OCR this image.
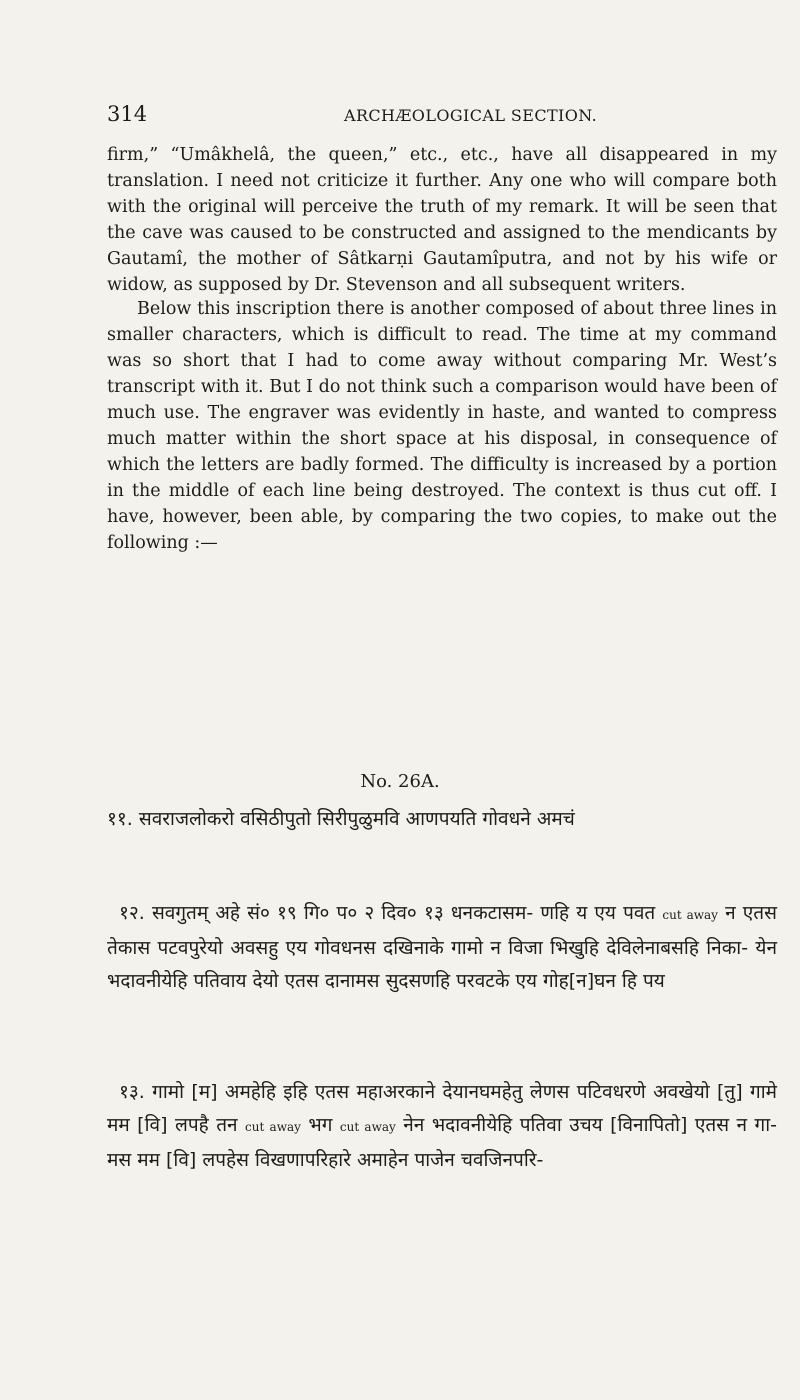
314	ARCHÆOLOGICAL SECTION.

firm,” “Umâkhelâ, the queen,” etc., etc., have all disappeared in my translation. I need not criticize it further. Any one who will compare both with the original will perceive the truth of my remark. It will be seen that the cave was caused to be constructed and assigned to the mendicants by Gautamî, the mother of Sâtkarṇi Gautamîputra, and not by his wife or widow, as supposed by Dr. Stevenson and all subsequent writers.

Below this inscription there is another composed of about three lines in smaller characters, which is difficult to read. The time at my command was so short that I had to come away without comparing Mr. West’s transcript with it. But I do not think such a comparison would have been of much use. The engraver was evidently in haste, and wanted to compress much matter within the short space at his disposal, in consequence of which the letters are badly formed. The difficulty is increased by a portion in the middle of each line being destroyed. The context is thus cut off. I have, however, been able, by comparing the two copies, to make out the following :—

No. 26A.

११. सवराजलोकरो वसिठीपुतो सिरीपुळुमवि आणपयति गोवधने अमचं

१२. सवगुतम् अहे सं० १९ गि० प० २ दिव० १३ धनकटासम- णहि य एय पवत cut away न एतस तेकास पटवपुरेयो अवसहु एय गोवधनस दखिनाके गामो न विजा भिखुहि देविलेनाबसहि निका- येन भदावनीयेहि पतिवाय देयो एतस दानामस सुदसणहि परवटके एय गोह[न]घन हि पय

१३. गामो [म] अमहेहि इहि एतस महाअरकाने देयानघमहेतु लेणस पटिवधरणे अवखेयो [तु] गामे मम [वि] लपहै तन cut away भग cut away नेन भदावनीयेहि पतिवा उचय [विनापितो] एतस न गा- मस मम [वि] लपहेस विखणापरिहारे अमाहेन पाजेन चवजिनपरि-
